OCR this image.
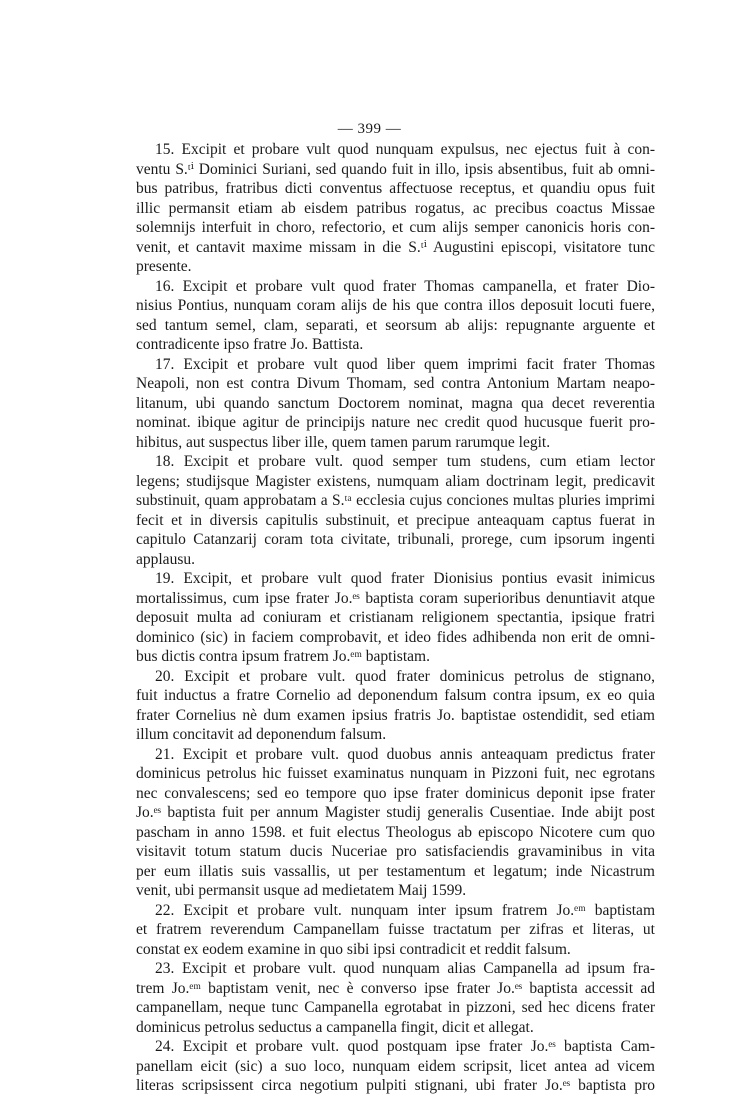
— 399 —

15. Excipit et probare vult quod nunquam expulsus, nec ejectus fuit à con-
ventu S.ᵗⁱ Dominici Suriani, sed quando fuit in illo, ipsis absentibus, fuit ab omni-
bus patribus, fratribus dicti conventus affectuose receptus, et quandiu opus fuit
illic permansit etiam ab eisdem patribus rogatus, ac precibus coactus Missae
solemnijs interfuit in choro, refectorio, et cum alijs semper canonicis horis con-
venit, et cantavit maxime missam in die S.ᵗⁱ Augustini episcopi, visitatore tunc
presente.

16. Excipit et probare vult quod frater Thomas campanella, et frater Dio-
nisius Pontius, nunquam coram alijs de his que contra illos deposuit locuti fuere,
sed tantum semel, clam, separati, et seorsum ab alijs: repugnante arguente et
contradicente ipso fratre Jo. Battista.

17. Excipit et probare vult quod liber quem imprimi facit frater Thomas
Neapoli, non est contra Divum Thomam, sed contra Antonium Martam neapo-
litanum, ubi quando sanctum Doctorem nominat, magna qua decet reverentia
nominat. ibique agitur de principijs nature nec credit quod hucusque fuerit pro-
hibitus, aut suspectus liber ille, quem tamen parum rarumque legit.

18. Excipit et probare vult. quod semper tum studens, cum etiam lector
legens; studijsque Magister existens, numquam aliam doctrinam legit, predicavit
substinuit, quam approbatam a S.ᵗᵃ ecclesia cujus conciones multas pluries imprimi
fecit et in diversis capitulis substinuit, et precipue anteaquam captus fuerat in
capitulo Catanzarij coram tota civitate, tribunali, prorege, cum ipsorum ingenti
applausu.

19. Excipit, et probare vult quod frater Dionisius pontius evasit inimicus
mortalissimus, cum ipse frater Jo.ᵉˢ baptista coram superioribus denuntiavit atque
deposuit multa ad coniuram et cristianam religionem spectantia, ipsique fratri
dominico (sic) in faciem comprobavit, et ideo fides adhibenda non erit de omni-
bus dictis contra ipsum fratrem Jo.ᵉᵐ baptistam.

20. Excipit et probare vult. quod frater dominicus petrolus de stignano,
fuit inductus a fratre Cornelio ad deponendum falsum contra ipsum, ex eo quia
frater Cornelius nè dum examen ipsius fratris Jo. baptistae ostendidit, sed etiam
illum concitavit ad deponendum falsum.

21. Excipit et probare vult. quod duobus annis anteaquam predictus frater
dominicus petrolus hic fuisset examinatus nunquam in Pizzoni fuit, nec egrotans
nec convalescens; sed eo tempore quo ipse frater dominicus deponit ipse frater
Jo.ᵉˢ baptista fuit per annum Magister studij generalis Cusentiae. Inde abijt post
pascham in anno 1598. et fuit electus Theologus ab episcopo Nicotere cum quo
visitavit totum statum ducis Nuceriae pro satisfaciendis gravaminibus in vita
per eum illatis suis vassallis, ut per testamentum et legatum; inde Nicastrum
venit, ubi permansit usque ad medietatem Maij 1599.

22. Excipit et probare vult. nunquam inter ipsum fratrem Jo.ᵉᵐ baptistam
et fratrem reverendum Campanellam fuisse tractatum per zifras et literas, ut
constat ex eodem examine in quo sibi ipsi contradicit et reddit falsum.

23. Excipit et probare vult. quod nunquam alias Campanella ad ipsum fra-
trem Jo.ᵉᵐ baptistam venit, nec è converso ipse frater Jo.ᵉˢ baptista accessit ad
campanellam, neque tunc Campanella egrotabat in pizzoni, sed hec dicens frater
dominicus petrolus seductus a campanella fingit, dicit et allegat.

24. Excipit et probare vult. quod postquam ipse frater Jo.ᵉˢ baptista Cam-
panellam eicit (sic) a suo loco, nunquam eidem scripsit, licet antea ad vicem
literas scripsissent circa negotium pulpiti stignani, ubi frater Jo.ᵉˢ baptista pro
